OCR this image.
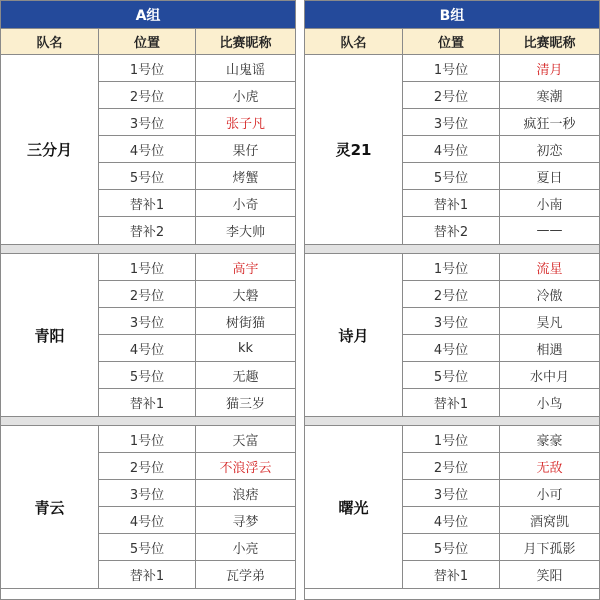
A组
队名	位置	比赛昵称
三分月
1号位	山鬼谣
2号位	小虎
3号位	张子凡
4号位	果仔
5号位	烤蟹
替补1	小奇
替补2	李大帅
青阳
1号位	高宇
2号位	大磐
3号位	树街猫
4号位	kk
5号位	无趣
替补1	猫三岁
青云
1号位	天富
2号位	不浪浮云
3号位	浪痞
4号位	寻梦
5号位	小亮
替补1	瓦学弟
B组
队名	位置	比赛昵称
灵21
1号位	清月
2号位	寒潮
3号位	疯狂一秒
4号位	初恋
5号位	夏日
替补1	小南
替补2	——
诗月
1号位	流星
2号位	冷傲
3号位	昊凡
4号位	相遇
5号位	水中月
替补1	小鸟
曙光
1号位	豪豪
2号位	无敌
3号位	小可
4号位	酒窝凯
5号位	月下孤影
替补1	笑阳
